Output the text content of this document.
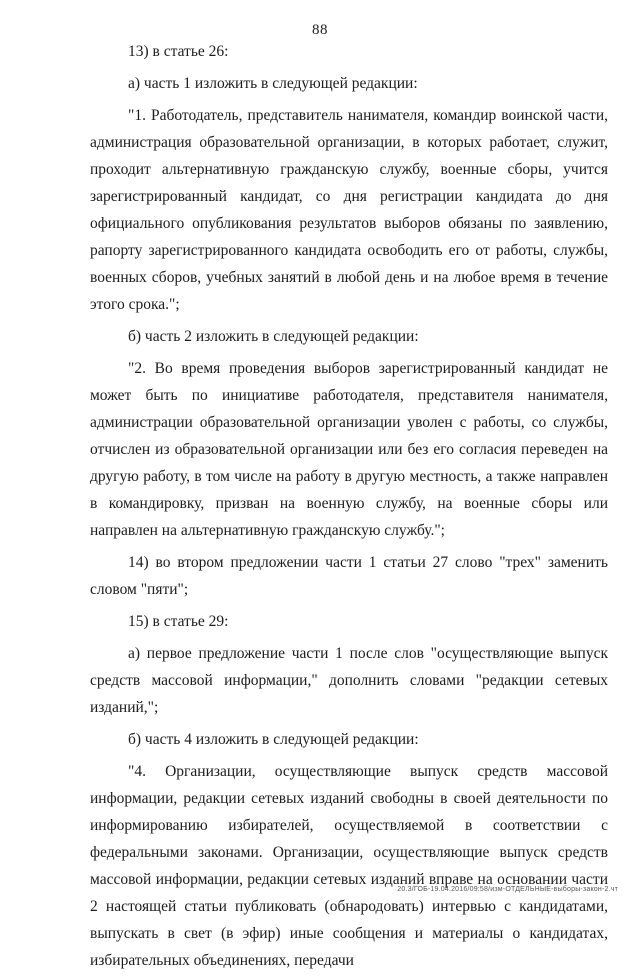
88

13) в статье 26:

а) часть 1 изложить в следующей редакции:

"1. Работодатель, представитель нанимателя, командир воинской части, администрация образовательной организации, в которых работает, служит, проходит альтернативную гражданскую службу, военные сборы, учится зарегистрированный кандидат, со дня регистрации кандидата до дня официального опубликования результатов выборов обязаны по заявлению, рапорту зарегистрированного кандидата освободить его от работы, службы, военных сборов, учебных занятий в любой день и на любое время в течение этого срока.";

б) часть 2 изложить в следующей редакции:

"2. Во время проведения выборов зарегистрированный кандидат не может быть по инициативе работодателя, представителя нанимателя, администрации образовательной организации уволен с работы, со службы, отчислен из образовательной организации или без его согласия переведен на другую работу, в том числе на работу в другую местность, а также направлен в командировку, призван на военную службу, на военные сборы или направлен на альтернативную гражданскую службу.";

14) во втором предложении части 1 статьи 27 слово "трех" заменить словом "пяти";

15) в статье 29:

а) первое предложение части 1 после слов "осуществляющие выпуск средств массовой информации," дополнить словами "редакции сетевых изданий,";

б) часть 4 изложить в следующей редакции:

"4. Организации, осуществляющие выпуск средств массовой информации, редакции сетевых изданий свободны в своей деятельности по информированию избирателей, осуществляемой в соответствии с федеральными законами. Организации, осуществляющие выпуск средств массовой информации, редакции сетевых изданий вправе на основании части 2 настоящей статьи публиковать (обнародовать) интервью с кандидатами, выпускать в свет (в эфир) иные сообщения и материалы о кандидатах, избирательных объединениях, передачи

20.3/ГОБ-19.04.2016/09:58/изм-ОТДЕЛЬНЫЕ-выборы-закон-2.чт
